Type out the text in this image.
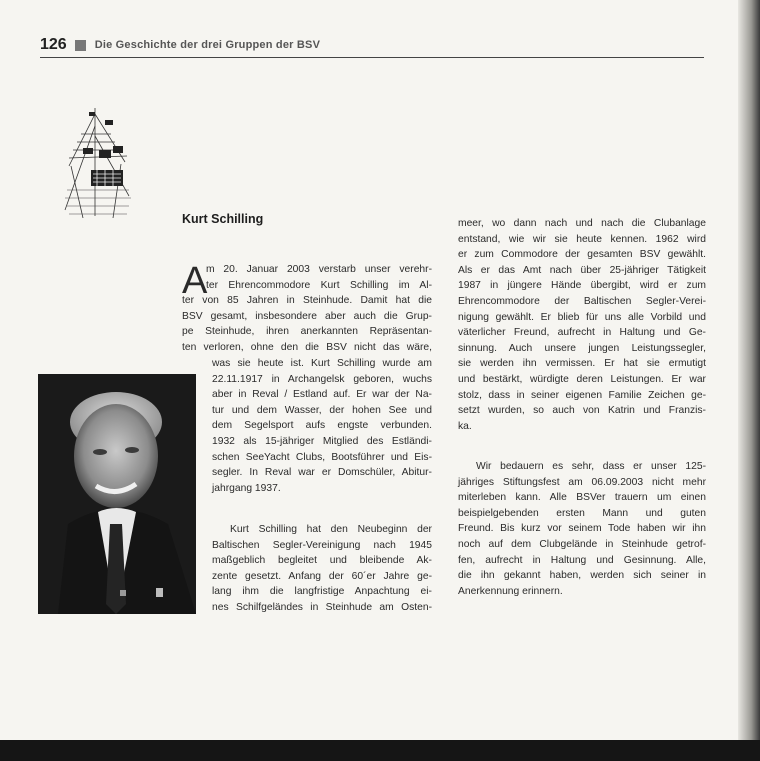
126	Die Geschichte der drei Gruppen der BSV
Kurt Schilling
A
m 20. Januar 2003 verstarb unser verehr-
ter Ehrencommodore Kurt Schilling im Al-
ter von 85 Jahren in Steinhude. Damit hat die
BSV gesamt, insbesondere aber auch die Grup-
pe Steinhude, ihren anerkannten Repräsentan-
ten verloren, ohne den die BSV nicht das wäre,
was sie heute ist. Kurt Schilling wurde am
22.11.1917 in Archangelsk geboren, wuchs
aber in Reval / Estland auf. Er war der Na-
tur und dem Wasser, der hohen See und
dem Segelsport aufs engste verbunden.
1932 als 15-jähriger Mitglied des Estländi-
schen SeeYacht Clubs, Bootsführer und Eis-
segler. In Reval war er Domschüler, Abitur-
jahrgang 1937.
Kurt Schilling hat den Neubeginn der
Baltischen Segler-Vereinigung nach 1945
maßgeblich begleitet und bleibende Ak-
zente gesetzt. Anfang der 60´er Jahre ge-
lang ihm die langfristige Anpachtung ei-
nes Schilfgeländes in Steinhude am Osten-
meer, wo dann nach und nach die Clubanlage
entstand, wie wir sie heute kennen. 1962 wird
er zum Commodore der gesamten BSV gewählt.
Als er das Amt nach über 25-jähriger Tätigkeit
1987 in jüngere Hände übergibt, wird er zum
Ehrencommodore der Baltischen Segler-Verei-
nigung gewählt. Er blieb für uns alle Vorbild und
väterlicher Freund, aufrecht in Haltung und Ge-
sinnung. Auch unsere jungen Leistungssegler,
sie werden ihn vermissen. Er hat sie ermutigt
und bestärkt, würdigte deren Leistungen. Er war
stolz, dass in seiner eigenen Familie Zeichen ge-
setzt wurden, so auch von Katrin und Franzis-
ka.
Wir bedauern es sehr, dass er unser 125-
jähriges Stiftungsfest am 06.09.2003 nicht mehr
miterleben kann. Alle BSVer trauern um einen
beispielgebenden ersten Mann und guten
Freund. Bis kurz vor seinem Tode haben wir ihn
noch auf dem Clubgelände in Steinhude getrof-
fen, aufrecht in Haltung und Gesinnung. Alle,
die ihn gekannt haben, werden sich seiner in
Anerkennung erinnern.
